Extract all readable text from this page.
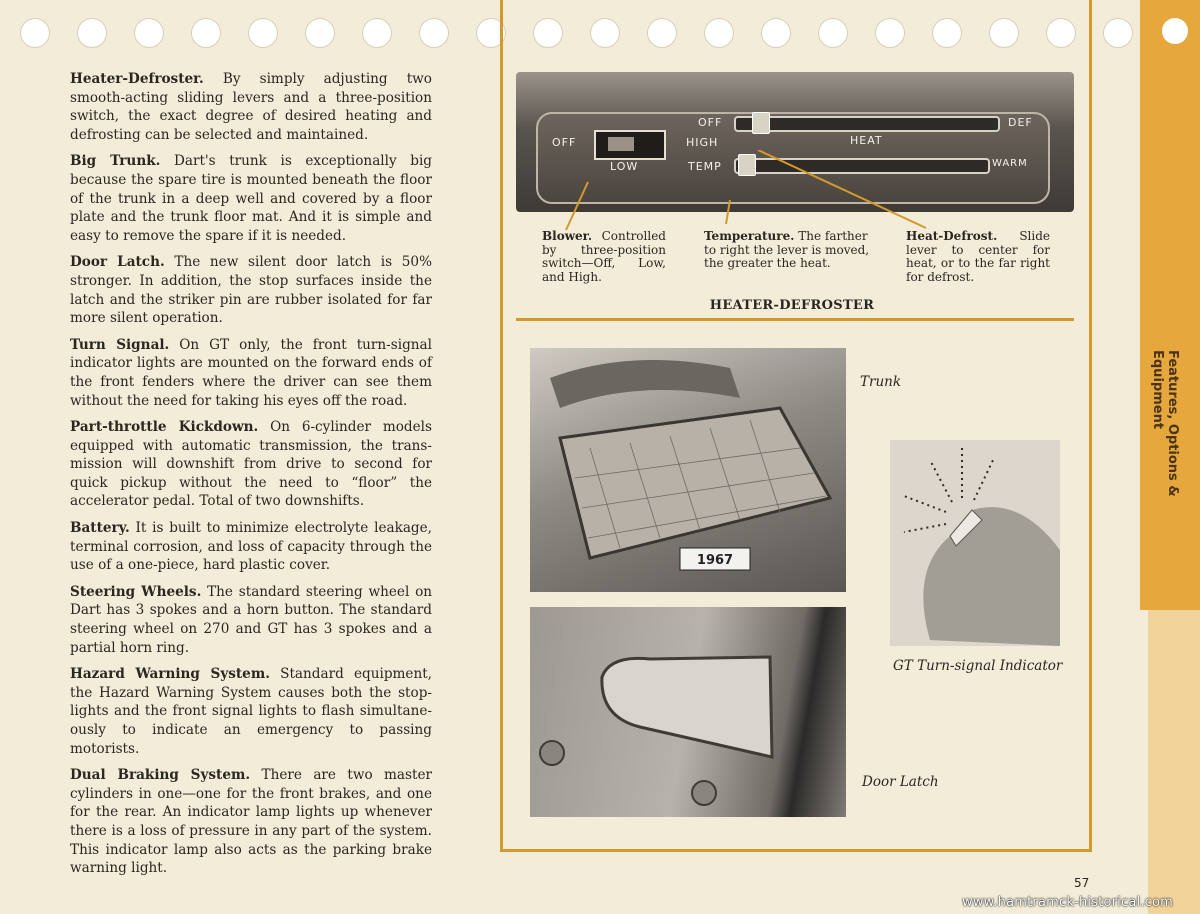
Heater-Defroster. By simply adjusting two smooth-acting sliding levers and a three-position switch, the exact degree of desired heating and defrosting can be selected and maintained.

Big Trunk. Dart's trunk is exceptionally big because the spare tire is mounted beneath the floor of the trunk in a deep well and covered by a floor plate and the trunk floor mat. And it is simple and easy to remove the spare if it is needed.

Door Latch. The new silent door latch is 50% stronger. In addition, the stop surfaces inside the latch and the striker pin are rubber isolated for far more silent operation.

Turn Signal. On GT only, the front turn-signal indicator lights are mounted on the forward ends of the front fenders where the driver can see them without the need for taking his eyes off the road.

Part-throttle Kickdown. On 6-cylinder models equipped with automatic transmission, the trans-mission will downshift from drive to second for quick pickup without the need to “floor” the accelerator pedal. Total of two downshifts.

Battery. It is built to minimize electrolyte leakage, terminal corrosion, and loss of capacity through the use of a one-piece, hard plastic cover.

Steering Wheels. The standard steering wheel on Dart has 3 spokes and a horn button. The standard steering wheel on 270 and GT has 3 spokes and a partial horn ring.

Hazard Warning System. Standard equipment, the Hazard Warning System causes both the stop-lights and the front signal lights to flash simultane-ously to indicate an emergency to passing motorists.

Dual Braking System. There are two master cylinders in one—one for the front brakes, and one for the rear. An indicator lamp lights up whenever there is a loss of pressure in any part of the system. This indicator lamp also acts as the parking brake warning light.

OFF	HIGH
LOW
OFF
TEMP
HEAT
DEF
WARM
Blower. Controlled by three-position switch—Off, Low, and High.
Temperature. The farther to right the lever is moved, the greater the heat.
Heat-Defrost. Slide lever to center for heat, or to the far right for defrost.
HEATER-DEFROSTER
1967
Trunk
GT Turn-signal Indicator
Door Latch
Features, Options & Equipment
57
www.hamtramck-historical.com
